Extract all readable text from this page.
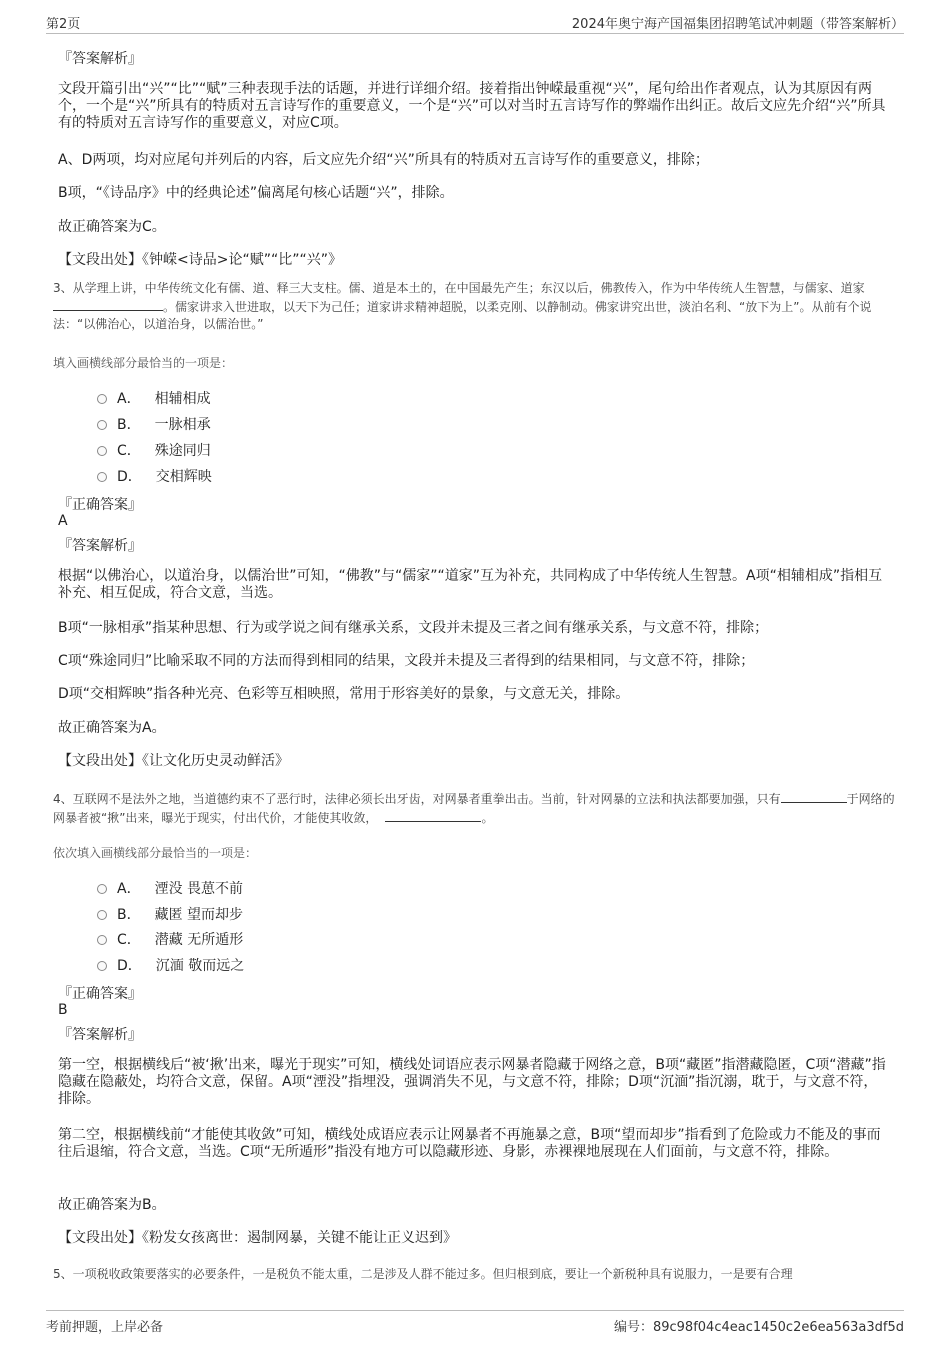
第2页	2024年奥宁海产国福集团招聘笔试冲刺题（带答案解析）
『答案解析』
文段开篇引出“兴”“比”“赋”三种表现手法的话题，并进行详细介绍。接着指出钟嵘最重视“兴”，尾句给出作者观点，认为其原因有两个，一个是“兴”所具有的特质对五言诗写作的重要意义，一个是“兴”可以对当时五言诗写作的弊端作出纠正。故后文应先介绍“兴”所具有的特质对五言诗写作的重要意义，对应C项。
A、D两项，均对应尾句并列后的内容，后文应先介绍“兴”所具有的特质对五言诗写作的重要意义，排除；
B项，“《诗品序》中的经典论述”偏离尾句核心话题“兴”，排除。
故正确答案为C。
【文段出处】《钟嵘<诗品>论“赋”“比”“兴”》
3、从学理上讲，中华传统文化有儒、道、释三大支柱。儒、道是本土的，在中国最先产生；东汉以后，佛教传入，作为中华传统人生智慧，与儒家、道家。儒家讲求入世进取，以天下为己任；道家讲求精神超脱，以柔克刚、以静制动。佛家讲究出世，淡泊名利、“放下为上”。从前有个说法：“以佛治心，以道治身，以儒治世。”
填入画横线部分最恰当的一项是：
A． 相辅相成
B． 一脉相承
C． 殊途同归
D． 交相辉映
『正确答案』
A
『答案解析』
根据“以佛治心，以道治身，以儒治世”可知，“佛教”与“儒家”“道家”互为补充，共同构成了中华传统人生智慧。A项“相辅相成”指相互补充、相互促成，符合文意，当选。
B项“一脉相承”指某种思想、行为或学说之间有继承关系，文段并未提及三者之间有继承关系，与文意不符，排除；
C项“殊途同归”比喻采取不同的方法而得到相同的结果，文段并未提及三者得到的结果相同，与文意不符，排除；
D项“交相辉映”指各种光亮、色彩等互相映照，常用于形容美好的景象，与文意无关，排除。
故正确答案为A。
【文段出处】《让文化历史灵动鲜活》
4、互联网不是法外之地，当道德约束不了恶行时，法律必须长出牙齿，对网暴者重拳出击。当前，针对网暴的立法和执法都要加强，只有	于网络的网暴者被“揪”出来，曝光于现实，付出代价，才能使其收敛，	。
依次填入画横线部分最恰当的一项是：
A． 湮没 畏葸不前
B． 藏匿 望而却步
C． 潜藏 无所遁形
D． 沉湎 敬而远之
『正确答案』
B
『答案解析』
第一空，根据横线后“被‘揪’出来，曝光于现实”可知，横线处词语应表示网暴者隐藏于网络之意，B项“藏匿”指潜藏隐匿，C项“潜藏”指隐藏在隐蔽处，均符合文意，保留。A项“湮没”指埋没，强调消失不见，与文意不符，排除；D项“沉湎”指沉溺，耽于，与文意不符，排除。
第二空，根据横线前“才能使其收敛”可知，横线处成语应表示让网暴者不再施暴之意，B项“望而却步”指看到了危险或力不能及的事而往后退缩，符合文意，当选。C项“无所遁形”指没有地方可以隐藏形迹、身影，赤裸裸地展现在人们面前，与文意不符，排除。
故正确答案为B。
【文段出处】《粉发女孩离世：遏制网暴，关键不能让正义迟到》
5、一项税收政策要落实的必要条件，一是税负不能太重，二是涉及人群不能过多。但归根到底，要让一个新税种具有说服力，一是要有合理
考前押题，上岸必备	编号：89c98f04c4eac1450c2e6ea563a3df5d
